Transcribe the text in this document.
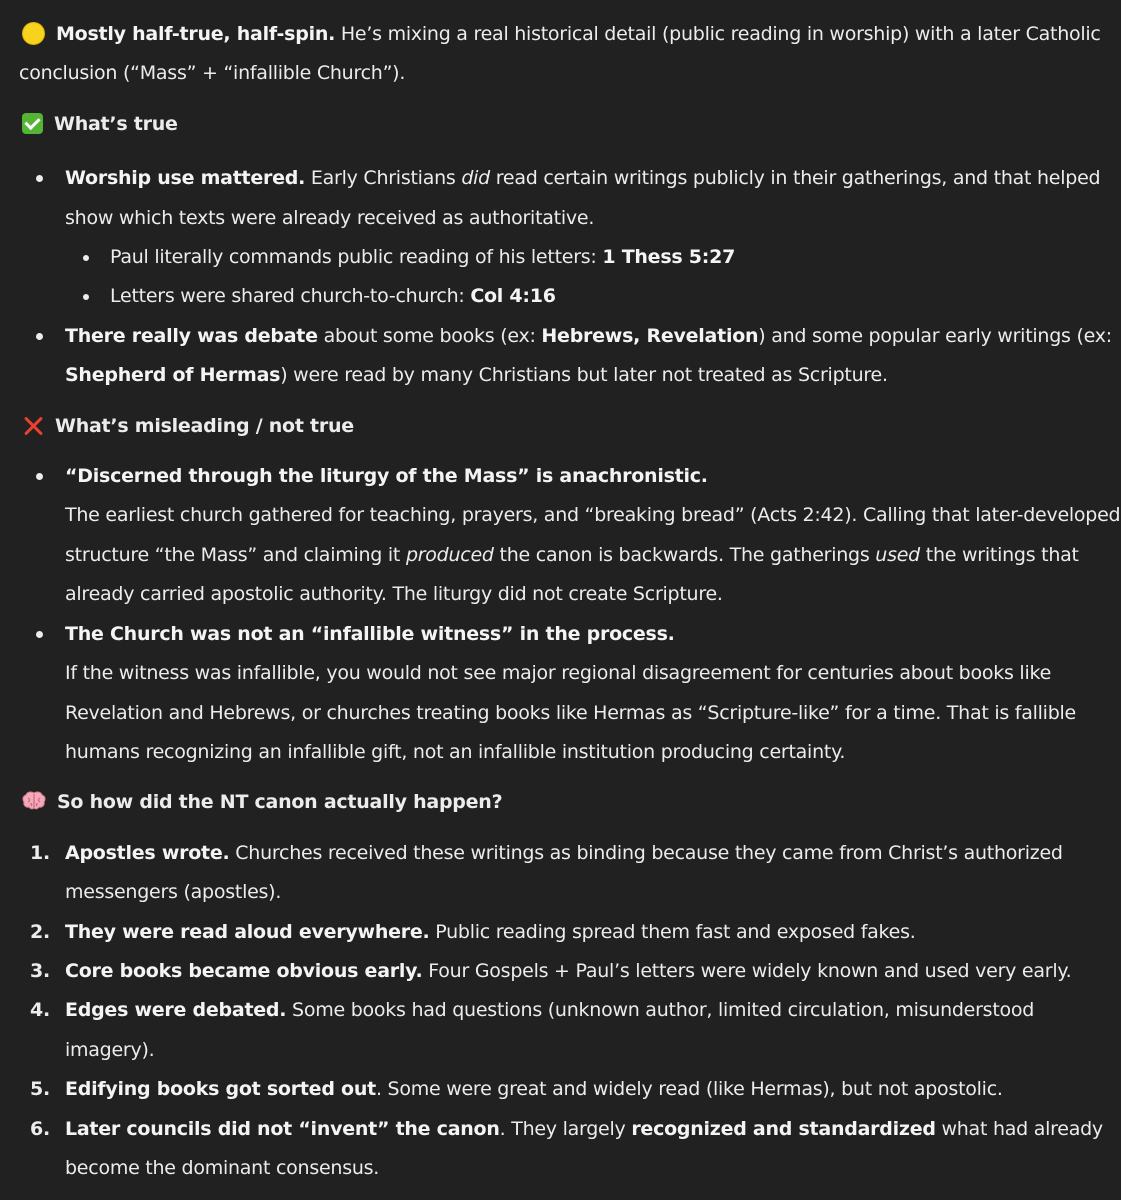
Mostly half-true, half-spin. He’s mixing a real historical detail (public reading in worship) with a later Catholic conclusion (“Mass” + “infallible Church”).

What’s true

Worship use mattered. Early Christians did read certain writings publicly in their gatherings, and that helped show which texts were already received as authoritative.
Paul literally commands public reading of his letters: 1 Thess 5:27
Letters were shared church-to-church: Col 4:16
There really was debate about some books (ex: Hebrews, Revelation) and some popular early writings (ex: Shepherd of Hermas) were read by many Christians but later not treated as Scripture.

What’s misleading / not true

“Discerned through the liturgy of the Mass” is anachronistic.
The earliest church gathered for teaching, prayers, and “breaking bread” (Acts 2:42). Calling that later-developed structure “the Mass” and claiming it produced the canon is backwards. The gatherings used the writings that already carried apostolic authority. The liturgy did not create Scripture.
The Church was not an “infallible witness” in the process.
If the witness was infallible, you would not see major regional disagreement for centuries about books like Revelation and Hebrews, or churches treating books like Hermas as “Scripture-like” for a time. That is fallible humans recognizing an infallible gift, not an infallible institution producing certainty.

So how did the NT canon actually happen?

1. Apostles wrote. Churches received these writings as binding because they came from Christ’s authorized messengers (apostles).
2. They were read aloud everywhere. Public reading spread them fast and exposed fakes.
3. Core books became obvious early. Four Gospels + Paul’s letters were widely known and used very early.
4. Edges were debated. Some books had questions (unknown author, limited circulation, misunderstood imagery).
5. Edifying books got sorted out. Some were great and widely read (like Hermas), but not apostolic.
6. Later councils did not “invent” the canon. They largely recognized and standardized what had already become the dominant consensus.
